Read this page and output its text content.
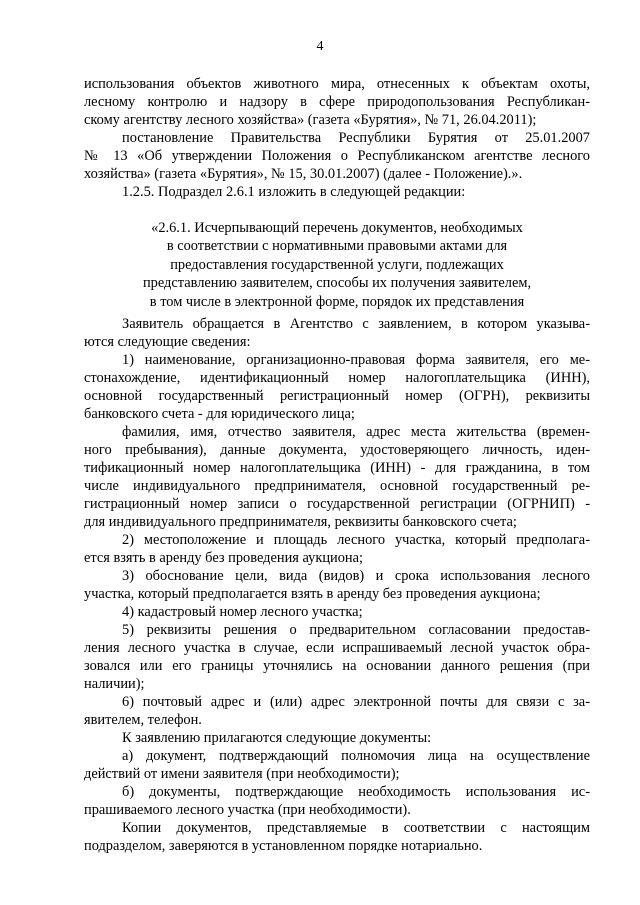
4

использования объектов животного мира, отнесенных к объектам охоты,

лесному контролю и надзору в сфере природопользования Республикан-

скому агентству лесного хозяйства» (газета «Бурятия», № 71, 26.04.2011);

постановление Правительства Республики Бурятия от 25.01.2007

№ 13 «Об утверждении Положения о Республиканском агентстве лесного

хозяйства» (газета «Бурятия», № 15, 30.01.2007) (далее - Положение).».

1.2.5. Подраздел 2.6.1 изложить в следующей редакции:

«2.6.1. Исчерпывающий перечень документов, необходимых
в соответствии с нормативными правовыми актами для
предоставления государственной услуги, подлежащих
представлению заявителем, способы их получения заявителем,
в том числе в электронной форме, порядок их представления

Заявитель обращается в Агентство с заявлением, в котором указыва-

ются следующие сведения:

1) наименование, организационно-правовая форма заявителя, его ме-

стонахождение, идентификационный номер налогоплательщика (ИНН),

основной государственный регистрационный номер (ОГРН), реквизиты

банковского счета - для юридического лица;

фамилия, имя, отчество заявителя, адрес места жительства (времен-

ного пребывания), данные документа, удостоверяющего личность, иден-

тификационный номер налогоплательщика (ИНН) - для гражданина, в том

числе индивидуального предпринимателя, основной государственный ре-

гистрационный номер записи о государственной регистрации (ОГРНИП) -

для индивидуального предпринимателя, реквизиты банковского счета;

2) местоположение и площадь лесного участка, который предполага-

ется взять в аренду без проведения аукциона;

3) обоснование цели, вида (видов) и срока использования лесного

участка, который предполагается взять в аренду без проведения аукциона;

4) кадастровый номер лесного участка;

5) реквизиты решения о предварительном согласовании предостав-

ления лесного участка в случае, если испрашиваемый лесной участок обра-

зовался или его границы уточнялись на основании данного решения (при

наличии);

6) почтовый адрес и (или) адрес электронной почты для связи с за-

явителем, телефон.

К заявлению прилагаются следующие документы:

а) документ, подтверждающий полномочия лица на осуществление

действий от имени заявителя (при необходимости);

б) документы, подтверждающие необходимость использования ис-

прашиваемого лесного участка (при необходимости).

Копии документов, представляемые в соответствии с настоящим

подразделом, заверяются в установленном порядке нотариально.
